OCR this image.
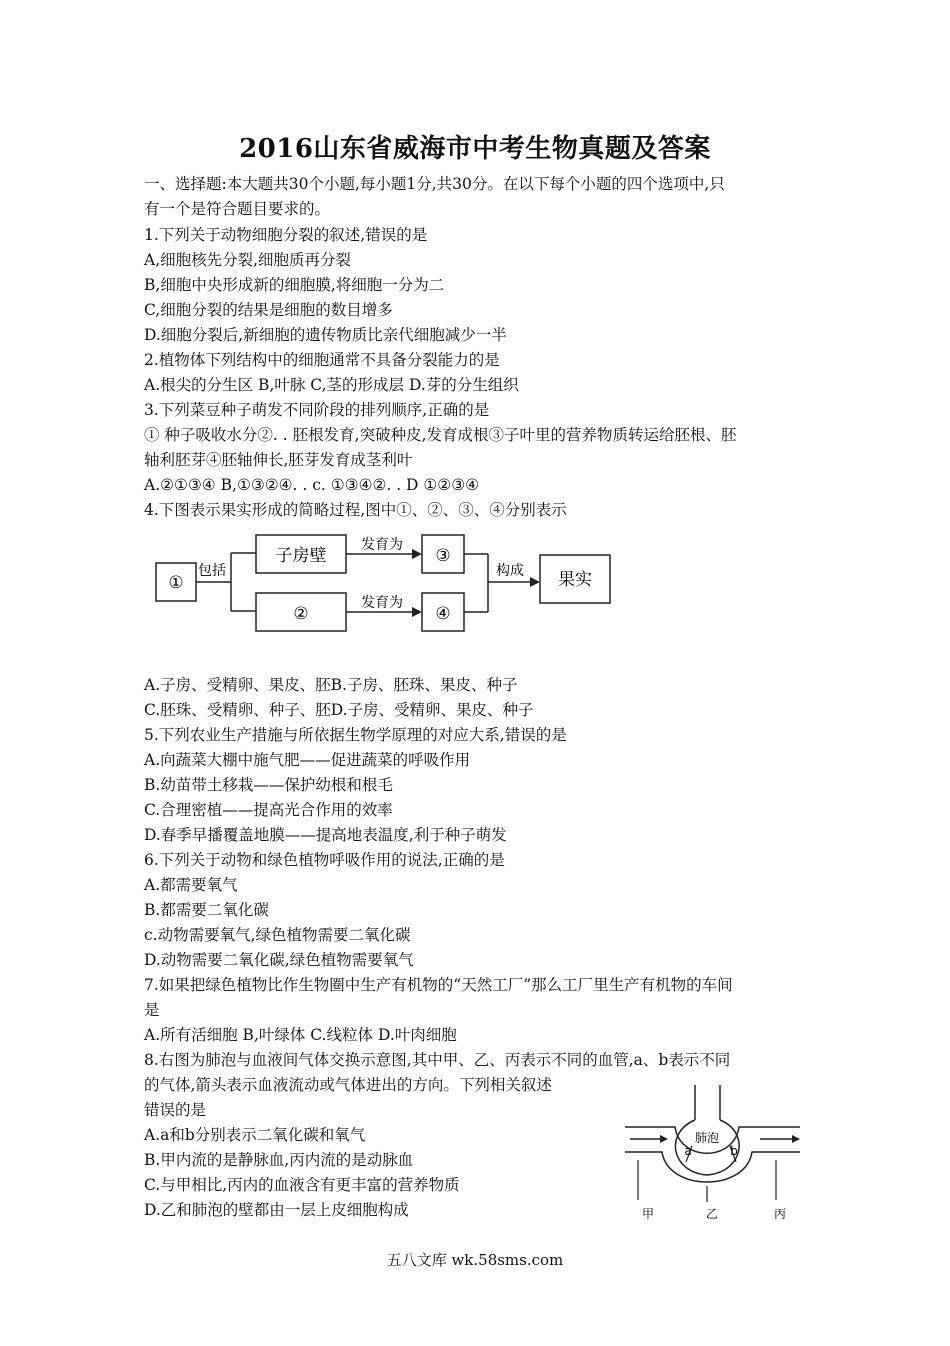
2016山东省威海市中考生物真题及答案
一、选择题:本大题共30个小题,每小题1分,共30分。在以下每个小题的四个选项中,只
有一个是符合题目要求的。
1.下列关于动物细胞分裂的叙述,错误的是
A,细胞核先分裂,细胞质再分裂
B,细胞中央形成新的细胞膜,将细胞一分为二
C,细胞分裂的结果是细胞的数目增多
D.细胞分裂后,新细胞的遗传物质比亲代细胞减少一半
2.植物体下列结构中的细胞通常不具备分裂能力的是
A.根尖的分生区 B,叶脉 C,茎的形成层 D.芽的分生组织
3.下列菜豆种子萌发不同阶段的排列顺序,正确的是
① 种子吸收水分②. . 胚根发育,突破种皮,发育成根③子叶里的营养物质转运给胚根、胚
轴利胚芽④胚轴伸长,胚芽发育成茎利叶
A.②①③④ B,①③②④. . c. ①③④②. . D ①②③④
4.下图表示果实形成的简略过程,图中①、②、③、④分别表示
A.子房、受精卵、果皮、胚B.子房、胚珠、果皮、种子
C.胚珠、受精卵、种子、胚D.子房、受精卵、果皮、种子
5.下列农业生产措施与所依据生物学原理的对应大系,错误的是
A.向蔬菜大棚中施气肥——促进蔬菜的呼吸作用
B.幼苗带土移栽——保护幼根和根毛
C.合理密植——提高光合作用的效率
D.春季早播覆盖地膜——提高地表温度,利于种子萌发
6.下列关于动物和绿色植物呼吸作用的说法,正确的是
A.都需要氧气
B.都需要二氧化碳
c.动物需要氧气,绿色植物需要二氧化碳
D.动物需要二氧化碳,绿色植物需要氧气
7.如果把绿色植物比作生物圈中生产有机物的“天然工厂”那么工厂里生产有机物的车间
是
A.所有活细胞 B,叶绿体 C.线粒体 D.叶肉细胞
8.右图为肺泡与血液间气体交换示意图,其中甲、乙、丙表示不同的血管,a、b表示不同
的气体,箭头表示血液流动或气体进出的方向。下列相关叙述
错误的是
A.a和b分别表示二氧化碳和氧气
B.甲内流的是静脉血,丙内流的是动脉血
C.与甲相比,丙内的血液含有更丰富的营养物质
D.乙和肺泡的壁都由一层上皮细胞构成
①
包括
子房壁
②
发育为
发育为
③
④
构成 果实
肺泡
a	b
甲	乙	丙
五八文库 wk.58sms.com
